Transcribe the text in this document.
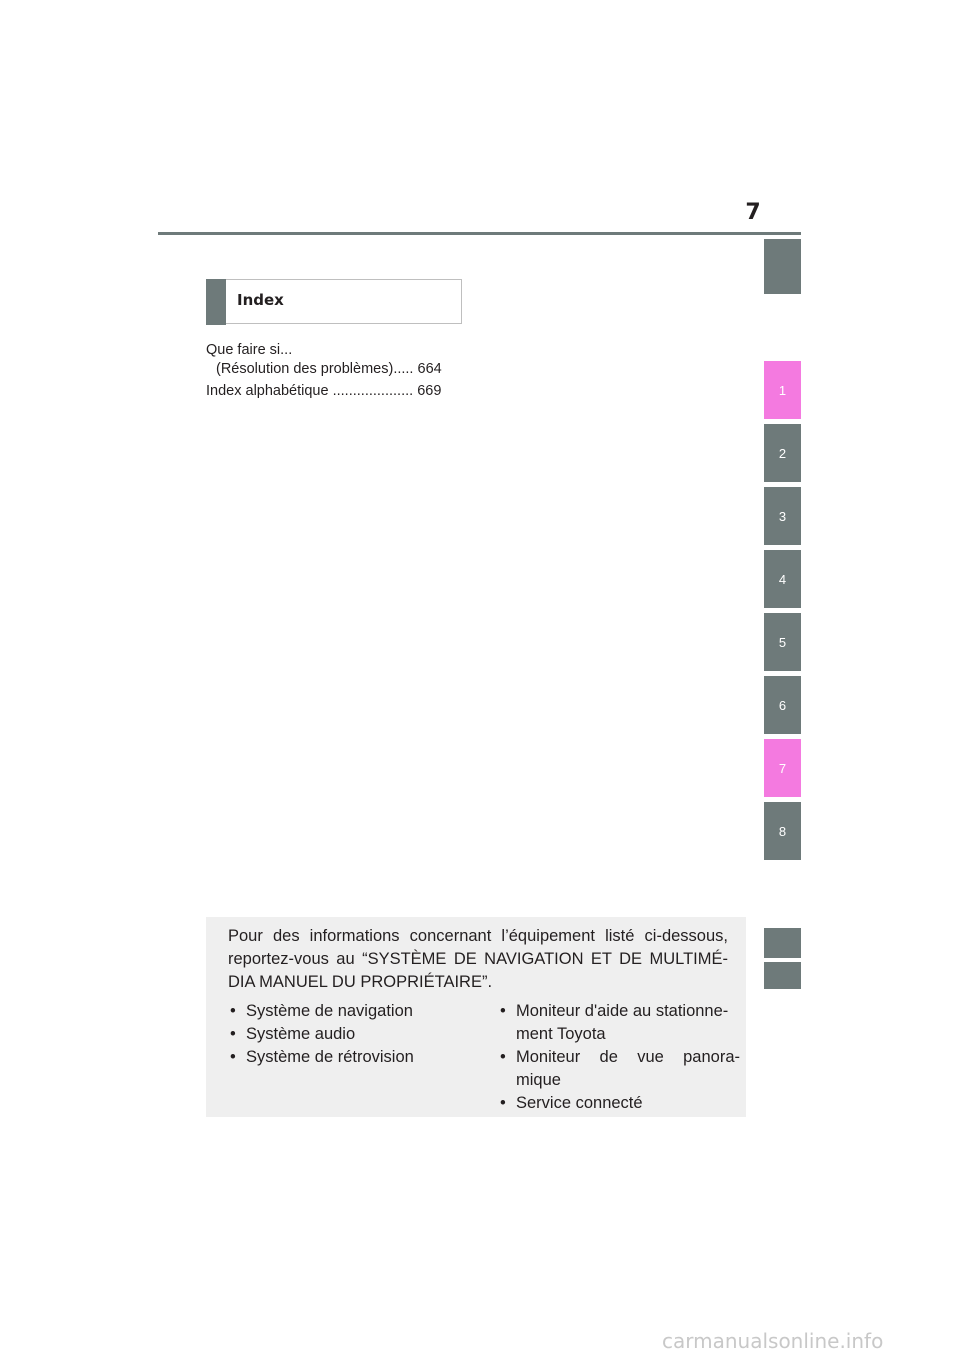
7
1
2
3
4
5
6
7
8
Index
Que faire si...
(Résolution des problèmes)..... 664
Index alphabétique .................... 669
Pour des informations concernant l’équipement listé ci-dessous,
reportez-vous au “SYSTÈME DE NAVIGATION ET DE MULTIMÉ-
DIA MANUEL DU PROPRIÉTAIRE”.
• Système de navigation
• Système audio
• Système de rétrovision
• Moniteur d'aide au stationne-
ment Toyota
• Moniteur de vue panora-
mique
• Service connecté
carmanualsonline.info
